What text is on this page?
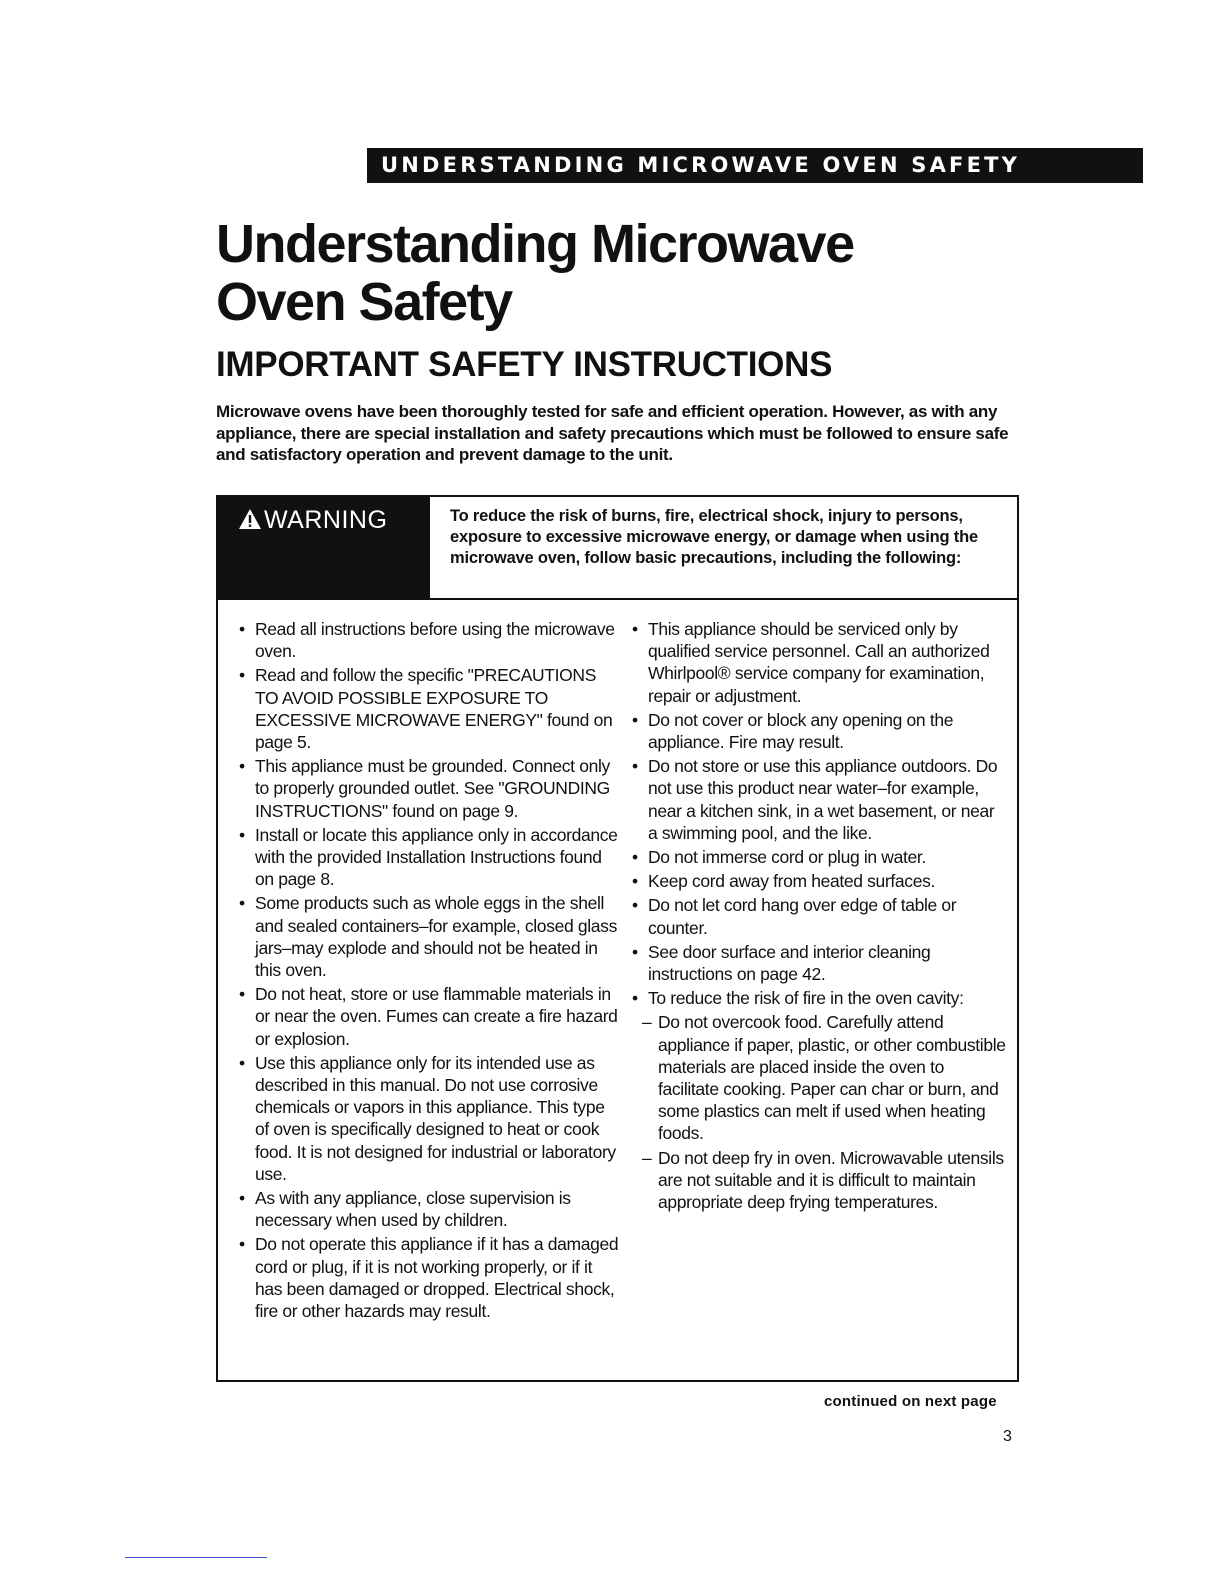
UNDERSTANDING MICROWAVE OVEN SAFETY
Understanding Microwave
Oven Safety
IMPORTANT SAFETY INSTRUCTIONS

Microwave ovens have been thoroughly tested for safe and efficient operation. However, as with any appliance, there are special installation and safety precautions which must be followed to ensure safe and satisfactory operation and prevent damage to the unit.

WARNING	To reduce the risk of burns, fire, electrical shock, injury to persons, exposure to excessive microwave energy, or damage when using the microwave oven, follow basic precautions, including the following:
• Read all instructions before using the microwave oven.
• Read and follow the specific "PRECAUTIONS TO AVOID POSSIBLE EXPOSURE TO EXCESSIVE MICROWAVE ENERGY" found on page 5.
• This appliance must be grounded. Connect only to properly grounded outlet. See "GROUNDING INSTRUCTIONS" found on page 9.
• Install or locate this appliance only in accordance with the provided Installation Instructions found on page 8.
• Some products such as whole eggs in the shell and sealed containers–for example, closed glass jars–may explode and should not be heated in this oven.
• Do not heat, store or use flammable materials in or near the oven. Fumes can create a fire hazard or explosion.
• Use this appliance only for its intended use as described in this manual. Do not use corrosive chemicals or vapors in this appliance. This type of oven is specifically designed to heat or cook food. It is not designed for industrial or laboratory use.
• As with any appliance, close supervision is necessary when used by children.
• Do not operate this appliance if it has a damaged cord or plug, if it is not working properly, or if it has been damaged or dropped. Electrical shock, fire or other hazards may result.
• This appliance should be serviced only by qualified service personnel. Call an authorized Whirlpool® service company for examination, repair or adjustment.
• Do not cover or block any opening on the appliance. Fire may result.
• Do not store or use this appliance outdoors. Do not use this product near water–for example, near a kitchen sink, in a wet basement, or near a swimming pool, and the like.
• Do not immerse cord or plug in water.
• Keep cord away from heated surfaces.
• Do not let cord hang over edge of table or counter.
• See door surface and interior cleaning instructions on page 42.
• To reduce the risk of fire in the oven cavity:
– Do not overcook food. Carefully attend appliance if paper, plastic, or other combustible materials are placed inside the oven to facilitate cooking. Paper can char or burn, and some plastics can melt if used when heating foods.
– Do not deep fry in oven. Microwavable utensils are not suitable and it is difficult to maintain appropriate deep frying temperatures.
continued on next page
3
